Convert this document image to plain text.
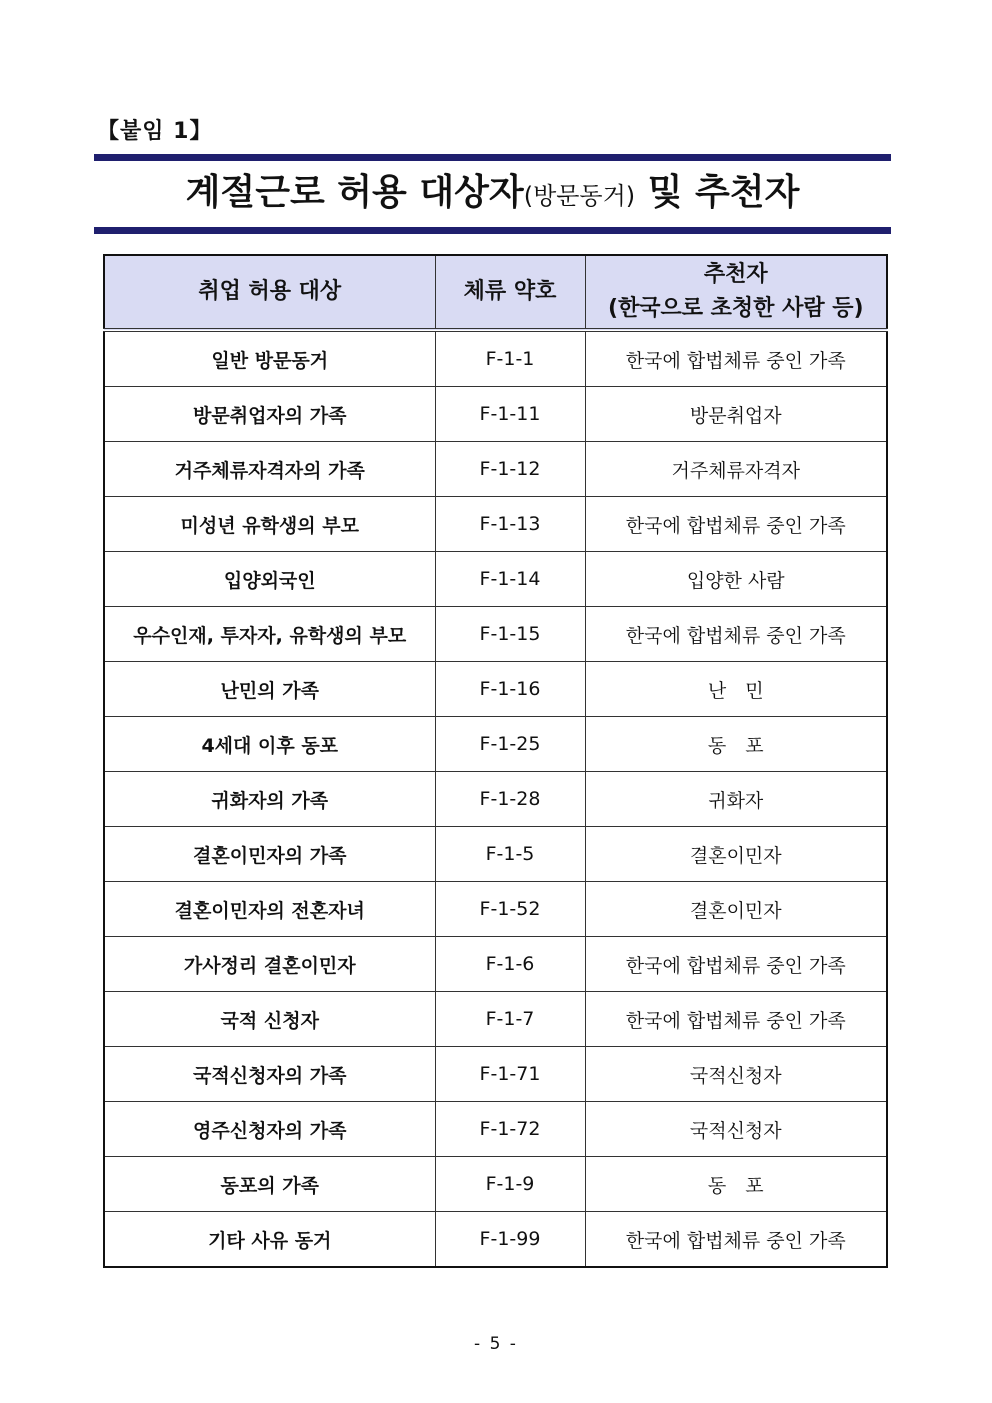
【붙임 1】
계절근로 허용 대상자(방문동거) 및 추천자
취업 허용 대상	체류 약호	추천자
(한국으로 초청한 사람 등)

일반 방문동거	F-1-1	한국에 합법체류 중인 가족
방문취업자의 가족	F-1-11	방문취업자
거주체류자격자의 가족	F-1-12	거주체류자격자
미성년 유학생의 부모	F-1-13	한국에 합법체류 중인 가족
입양외국인	F-1-14	입양한 사람
우수인재, 투자자, 유학생의 부모	F-1-15	한국에 합법체류 중인 가족
난민의 가족	F-1-16	난　민
4세대 이후 동포	F-1-25	동　포
귀화자의 가족	F-1-28	귀화자
결혼이민자의 가족	F-1-5	결혼이민자
결혼이민자의 전혼자녀	F-1-52	결혼이민자
가사정리 결혼이민자	F-1-6	한국에 합법체류 중인 가족
국적 신청자	F-1-7	한국에 합법체류 중인 가족
국적신청자의 가족	F-1-71	국적신청자
영주신청자의 가족	F-1-72	국적신청자
동포의 가족	F-1-9	동　포
기타 사유 동거	F-1-99	한국에 합법체류 중인 가족
- 5 -
